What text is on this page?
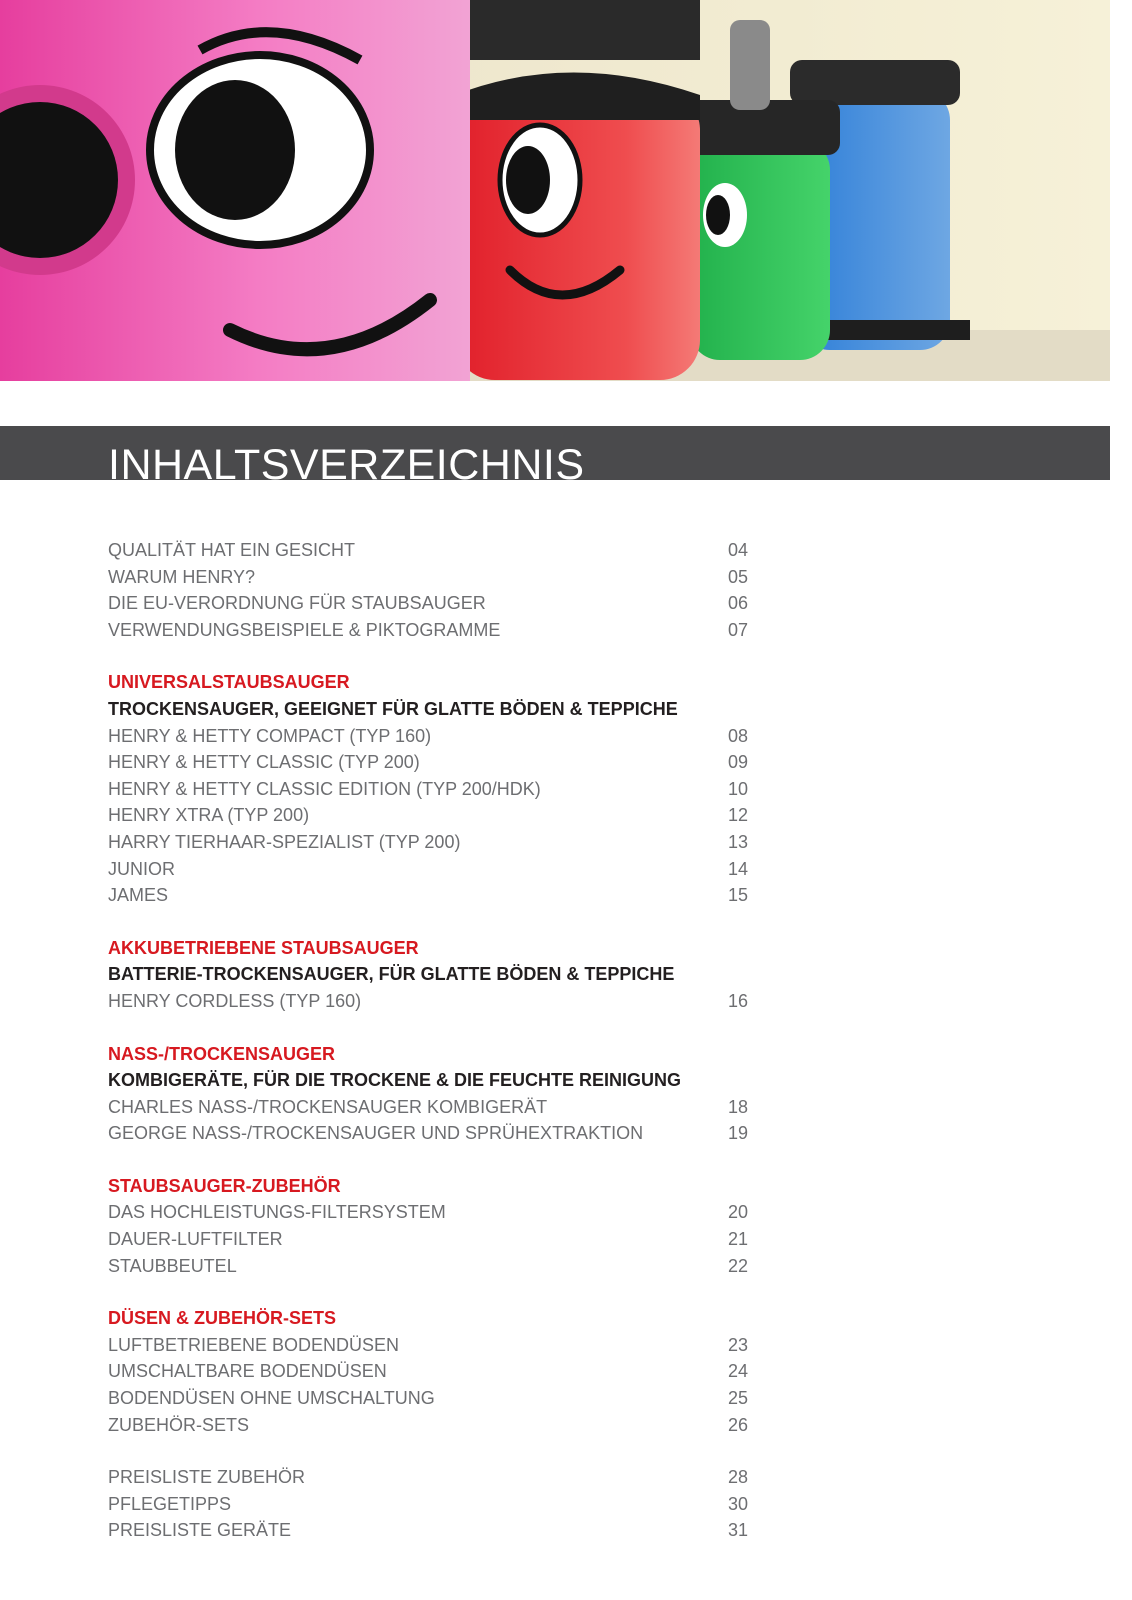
INHALTSVERZEICHNIS
QUALITÄT HAT EIN GESICHT	04
WARUM HENRY?	05
DIE EU-VERORDNUNG FÜR STAUBSAUGER	06
VERWENDUNGSBEISPIELE & PIKTOGRAMME	07
UNIVERSALSTAUBSAUGER
TROCKENSAUGER, GEEIGNET FÜR GLATTE BÖDEN & TEPPICHE
HENRY & HETTY COMPACT (TYP 160)	08
HENRY & HETTY CLASSIC (TYP 200)	09
HENRY & HETTY CLASSIC EDITION (TYP 200/HDK)	10
HENRY XTRA (TYP 200)	12
HARRY TIERHAAR-SPEZIALIST (TYP 200)	13
JUNIOR	14
JAMES	15
AKKUBETRIEBENE STAUBSAUGER
BATTERIE-TROCKENSAUGER, FÜR GLATTE BÖDEN & TEPPICHE
HENRY CORDLESS (TYP 160)	16
NASS-/TROCKENSAUGER
KOMBIGERÄTE, FÜR DIE TROCKENE & DIE FEUCHTE REINIGUNG
CHARLES NASS-/TROCKENSAUGER KOMBIGERÄT	18
GEORGE NASS-/TROCKENSAUGER UND SPRÜHEXTRAKTION	19
STAUBSAUGER-ZUBEHÖR
DAS HOCHLEISTUNGS-FILTERSYSTEM	20
DAUER-LUFTFILTER	21
STAUBBEUTEL	22
DÜSEN & ZUBEHÖR-SETS
LUFTBETRIEBENE BODENDÜSEN	23
UMSCHALTBARE BODENDÜSEN	24
BODENDÜSEN OHNE UMSCHALTUNG	25
ZUBEHÖR-SETS	26
PREISLISTE ZUBEHÖR	28
PFLEGETIPPS	30
PREISLISTE GERÄTE	31
